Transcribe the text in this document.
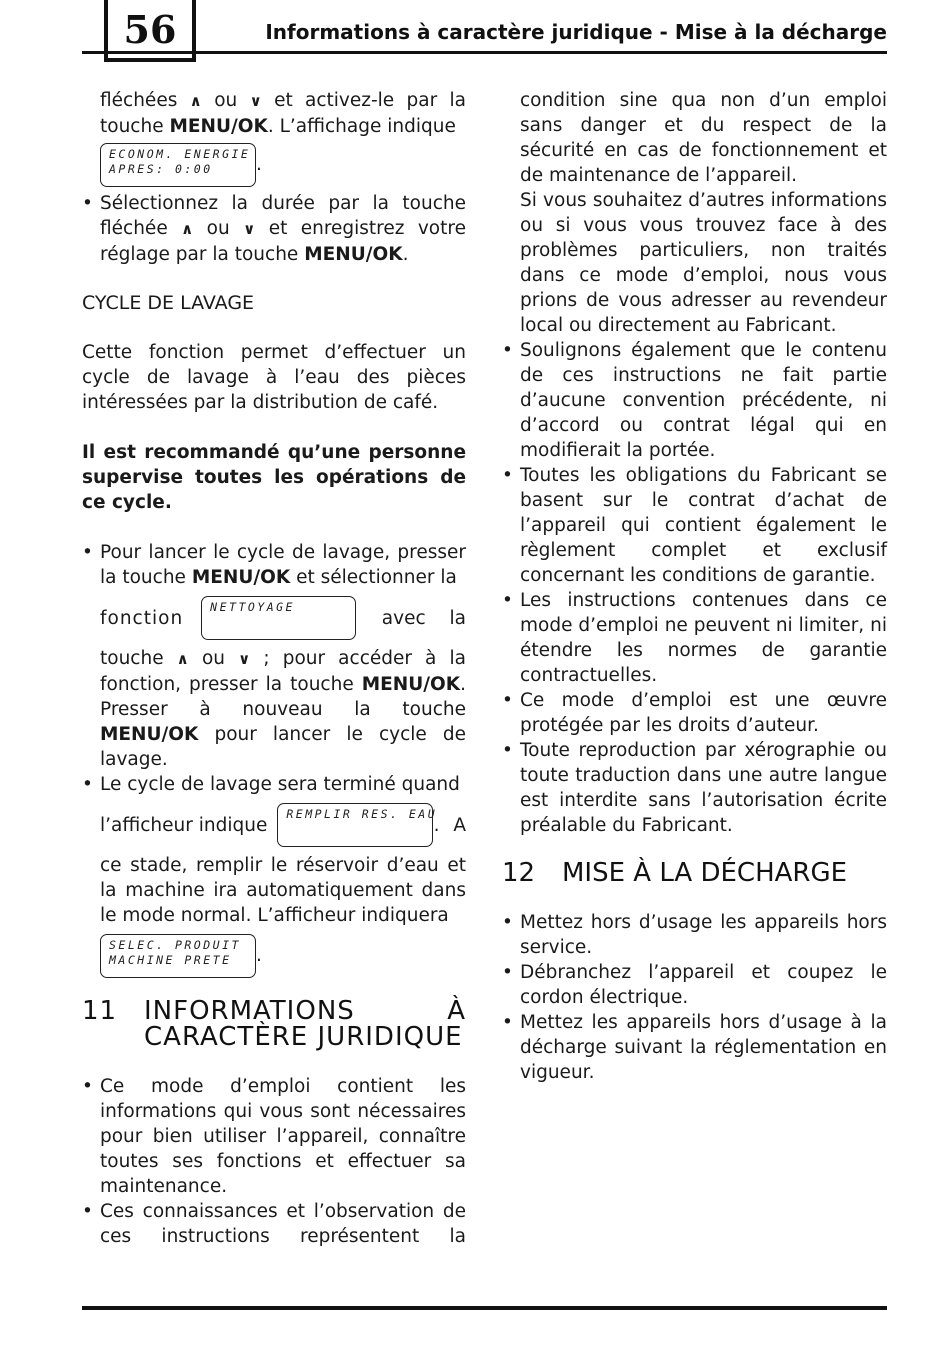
56	Informations à caractère juridique - Mise à la décharge

fléchées ∧ ou ∨ et activez-le par la touche MENU/OK. L’affichage indique

ECONOM. ENERGIE
APRES: 0:00	.
• Sélectionnez la durée par la touche fléchée ∧ ou ∨ et enregistrez votre réglage par la touche MENU/OK.
CYCLE DE LAVAGE

Cette fonction permet d’effectuer un cycle de lavage à l’eau des pièces intéressées par la distribution de café.

Il est recommandé qu’une personne supervise toutes les opérations de ce cycle.

• Pour lancer le cycle de lavage, presser la touche MENU/OK et sélectionner la
fonction
NETTOYAGE
avec la

touche ∧ ou ∨ ; pour accéder à la fonction, presser la touche MENU/OK. Presser à nouveau la touche MENU/OK pour lancer le cycle de lavage.

• Le cycle de lavage sera terminé quand
l’afficheur indique
REMPLIR RES. EAU
. A

ce stade, remplir le réservoir d’eau et la machine ira automatiquement dans le mode normal. L’afficheur indiquera

SELEC. PRODUIT
MACHINE PRETE	.
11	INFORMATIONS	À
CARACTÈRE JURIDIQUE
• Ce mode d’emploi contient les informations qui vous sont nécessaires pour bien utiliser l’appareil, connaître toutes ses fonctions et effectuer sa maintenance.
• Ces connaissances et l’observation de ces instructions représentent la

condition sine qua non d’un emploi sans danger et du respect de la sécurité en cas de fonctionnement et de maintenance de l’appareil.

Si vous souhaitez d’autres informations ou si vous vous trouvez face à des problèmes particuliers, non traités dans ce mode d’emploi, nous vous prions de vous adresser au revendeur local ou directement au Fabricant.

• Soulignons également que le contenu de ces instructions ne fait partie d’aucune convention précédente, ni d’accord ou contrat légal qui en modifierait la portée.
• Toutes les obligations du Fabricant se basent sur le contrat d’achat de l’appareil qui contient également le règlement complet et exclusif concernant les conditions de garantie.
• Les instructions contenues dans ce mode d’emploi ne peuvent ni limiter, ni étendre les normes de garantie contractuelles.
• Ce mode d’emploi est une œuvre protégée par les droits d’auteur.
• Toute reproduction par xérographie ou toute traduction dans une autre langue est interdite sans l’autorisation écrite préalable du Fabricant.
12 MISE À LA DÉCHARGE
• Mettez hors d’usage les appareils hors service.
• Débranchez l’appareil et coupez le cordon électrique.
• Mettez les appareils hors d’usage à la décharge suivant la réglementation en vigueur.
